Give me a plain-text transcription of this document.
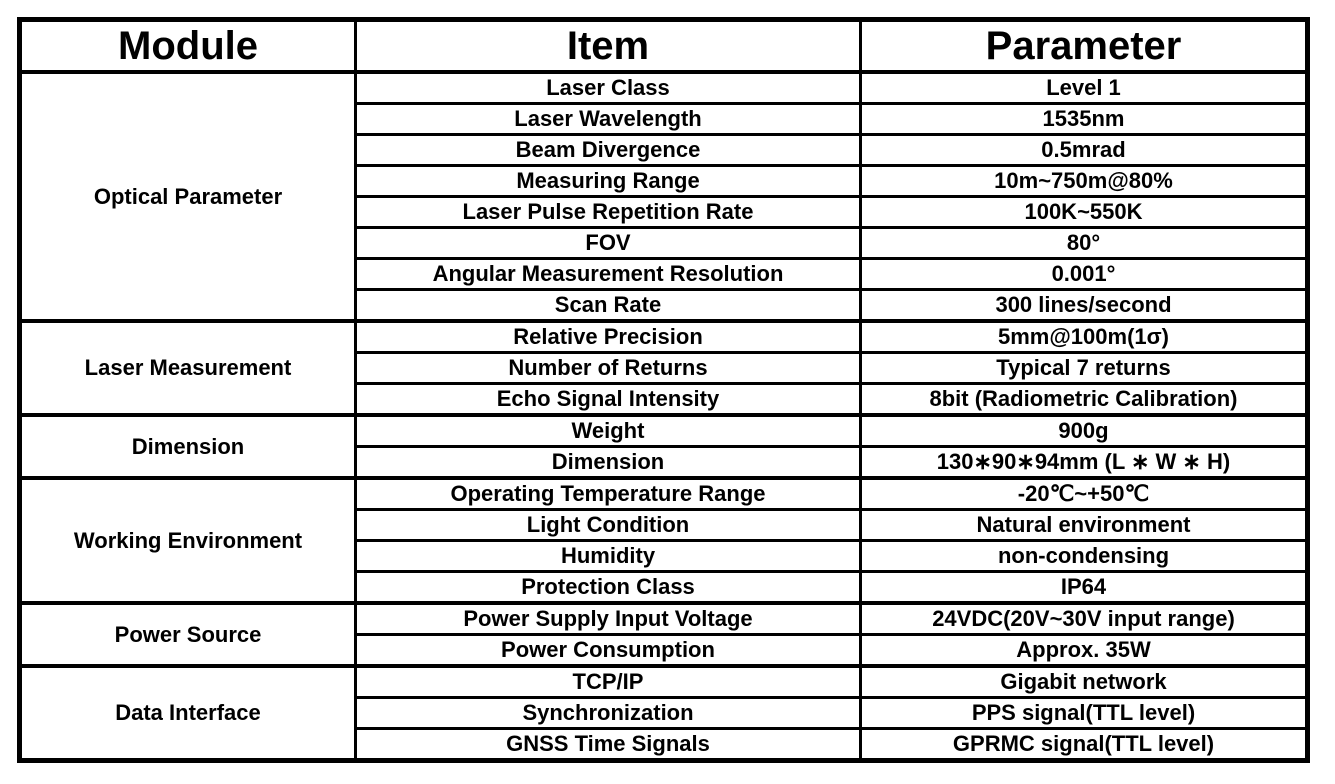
Module	Item	Parameter
Optical Parameter	Laser Class	Level 1
	Laser Wavelength	1535nm
	Beam Divergence	0.5mrad
	Measuring Range	10m~750m@80%
	Laser Pulse Repetition Rate	100K~550K
	FOV	80°
	Angular Measurement Resolution	0.001°
	Scan Rate	300 lines/second
Laser Measurement	Relative Precision	5mm@100m(1σ)
	Number of Returns	Typical 7 returns
	Echo Signal Intensity	8bit (Radiometric Calibration)
Dimension	Weight	900g
	Dimension	130∗90∗94mm (L ∗ W ∗ H)
Working Environment	Operating Temperature Range	-20℃~+50℃
	Light Condition	Natural environment
	Humidity	non-condensing
	Protection Class	IP64
Power Source	Power Supply Input Voltage	24VDC(20V~30V input range)
	Power Consumption	Approx. 35W
Data Interface	TCP/IP	Gigabit network
	Synchronization	PPS signal(TTL level)
	GNSS Time Signals	GPRMC signal(TTL level)
